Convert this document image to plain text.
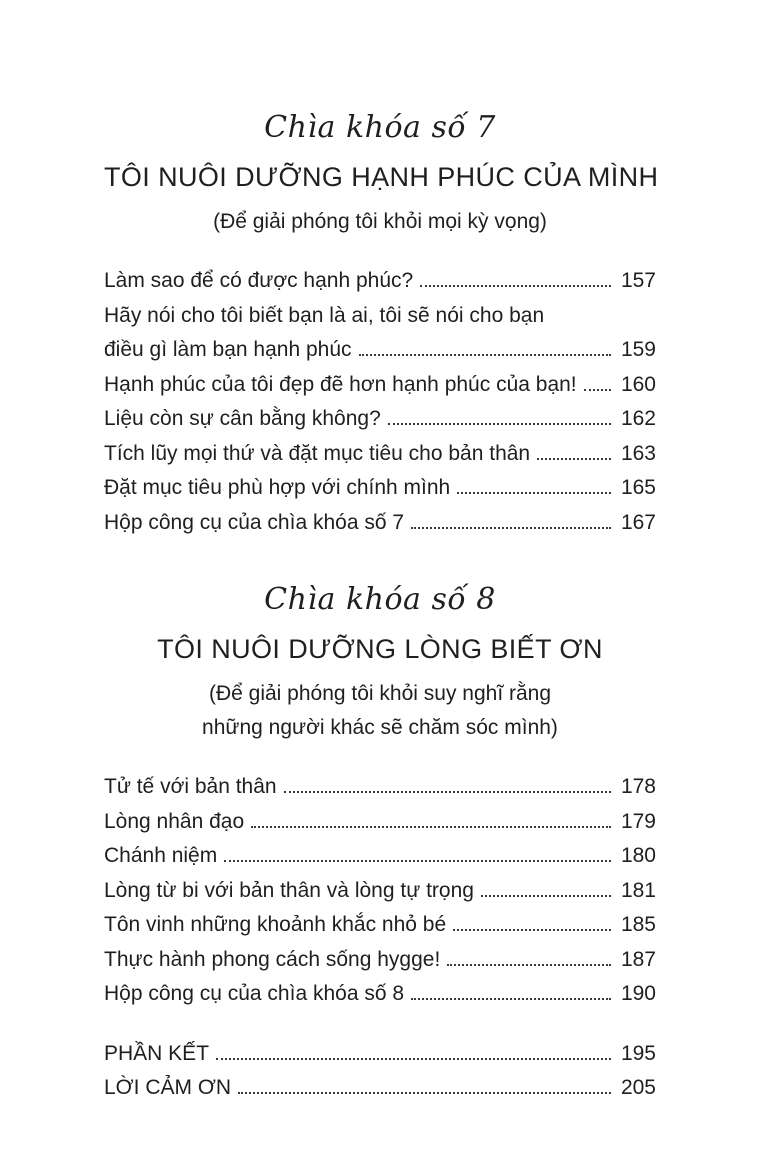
Chìa khóa số 7
TÔI NUÔI DƯỠNG HẠNH PHÚC CỦA MÌNH
(Để giải phóng tôi khỏi mọi kỳ vọng)
Làm sao để có được hạnh phúc?	157
Hãy nói cho tôi biết bạn là ai, tôi sẽ nói cho bạn
điều gì làm bạn hạnh phúc	159
Hạnh phúc của tôi đẹp đẽ hơn hạnh phúc của bạn!	160
Liệu còn sự cân bằng không?	162
Tích lũy mọi thứ và đặt mục tiêu cho bản thân	163
Đặt mục tiêu phù hợp với chính mình	165
Hộp công cụ của chìa khóa số 7	167
Chìa khóa số 8
TÔI NUÔI DƯỠNG LÒNG BIẾT ƠN
(Để giải phóng tôi khỏi suy nghĩ rằng
những người khác sẽ chăm sóc mình)
Tử tế với bản thân	178
Lòng nhân đạo	179
Chánh niệm	180
Lòng từ bi với bản thân và lòng tự trọng	181
Tôn vinh những khoảnh khắc nhỏ bé	185
Thực hành phong cách sống hygge!	187
Hộp công cụ của chìa khóa số 8	190
PHẦN KẾT	195
LỜI CẢM ƠN	205
